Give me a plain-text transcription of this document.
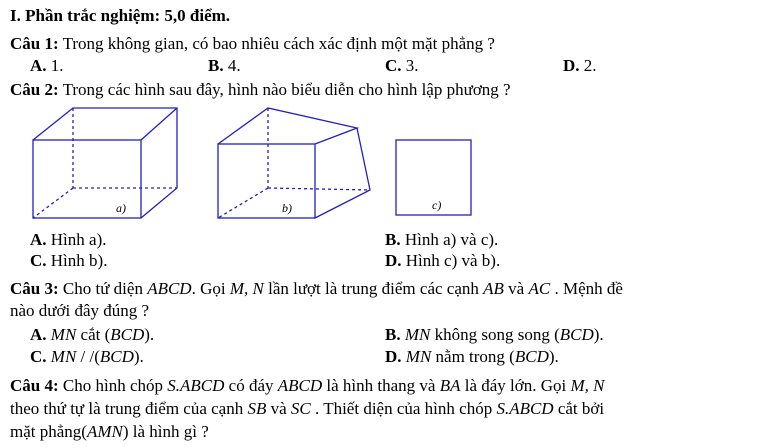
I. Phần trắc nghiệm: 5,0 điểm.
Câu 1: Trong không gian, có bao nhiêu cách xác định một mặt phẳng ?
A. 1.	B. 4.	C. 3.	D. 2.
Câu 2: Trong các hình sau đây, hình nào biểu diễn cho hình lập phương ?
a)	b)	c)
A. Hình a).	B. Hình a) và c).
C. Hình b).	D. Hình c) và b).
Câu 3: Cho tứ diện ABCD. Gọi M, N lần lượt là trung điểm các cạnh AB và AC . Mệnh đề
nào dưới đây đúng ?
A. MN cắt (BCD).	B. MN không song song (BCD).
C. MN / /(BCD).	D. MN nằm trong (BCD).
Câu 4: Cho hình chóp S.ABCD có đáy ABCD là hình thang và BA là đáy lớn. Gọi M, N
theo thứ tự là trung điểm của cạnh SB và SC . Thiết diện của hình chóp S.ABCD cắt bởi
mặt phẳng(AMN) là hình gì ?
